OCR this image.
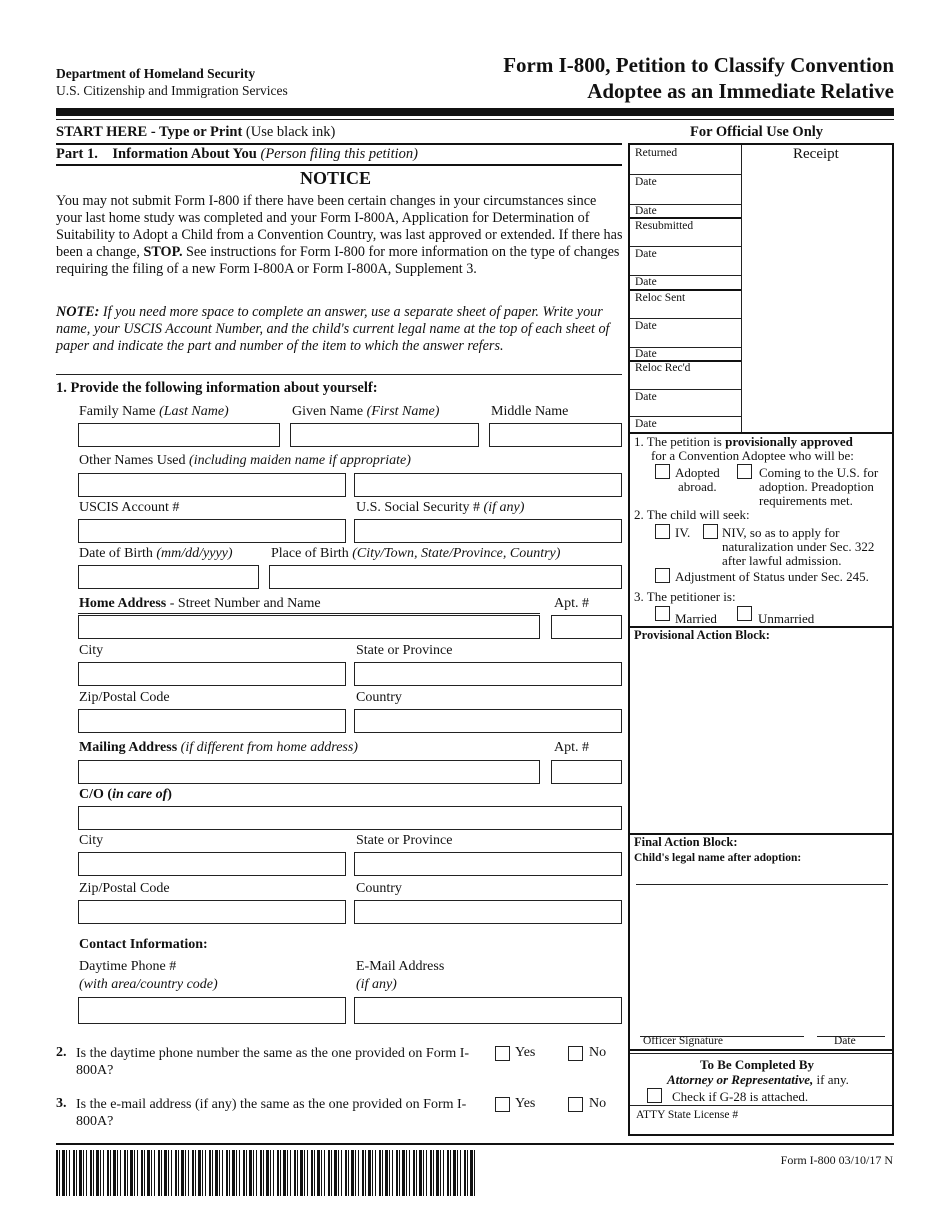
Department of Homeland Security
U.S. Citizenship and Immigration Services
Form I-800, Petition to Classify Convention
Adoptee as an Immediate Relative
START HERE - Type or Print (Use black ink)
Part 1. Information About You (Person filing this petition)
NOTICE
You may not submit Form I-800 if there have been certain changes in your circumstances since your last home study was completed and your Form I-800A, Application for Determination of Suitability to Adopt a Child from a Convention Country, was last approved or extended. If there has been a change, STOP. See instructions for Form I-800 for more information on the type of changes requiring the filing of a new Form I-800A or Form I-800A, Supplement 3.
NOTE: If you need more space to complete an answer, use a separate sheet of paper. Write your name, your USCIS Account Number, and the child's current legal name at the top of each sheet of paper and indicate the part and number of the item to which the answer refers.
1. Provide the following information about yourself:
Family Name (Last Name)	Given Name (First Name)	Middle Name
Other Names Used (including maiden name if appropriate)
USCIS Account #	U.S. Social Security # (if any)
Date of Birth (mm/dd/yyyy)	Place of Birth (City/Town, State/Province, Country)
Home Address - Street Number and Name	Apt. #
City	State or Province
Zip/Postal Code	Country
Mailing Address (if different from home address)	Apt. #
C/O (in care of)
City	State or Province
Zip/Postal Code	Country
Contact Information:
Daytime Phone #
(with area/country code)
E-Mail Address
(if any)
2. Is the daytime phone number the same as the one provided on Form I-800A?
Yes	No
3. Is the e-mail address (if any) the same as the one provided on Form I-800A?
Yes	No
For Official Use Only
Returned	Receipt
Date
Date
Resubmitted
Date
Date
Reloc Sent
Date
Date
Reloc Rec'd
Date
Date
1. The petition is provisionally approved
for a Convention Adoptee who will be:
Adopted
abroad.
Coming to the U.S. for
adoption. Preadoption
requirements met.
2. The child will seek:
IV. NIV, so as to apply for
naturalization under Sec. 322
after lawful admission.
Adjustment of Status under Sec. 245.
3. The petitioner is:
Married	Unmarried
Provisional Action Block:
Final Action Block:
Child's legal name after adoption:
Officer Signature	Date
To Be Completed By
Attorney or Representative, if any.
Check if G-28 is attached.
ATTY State License #
Form I-800 03/10/17 N
